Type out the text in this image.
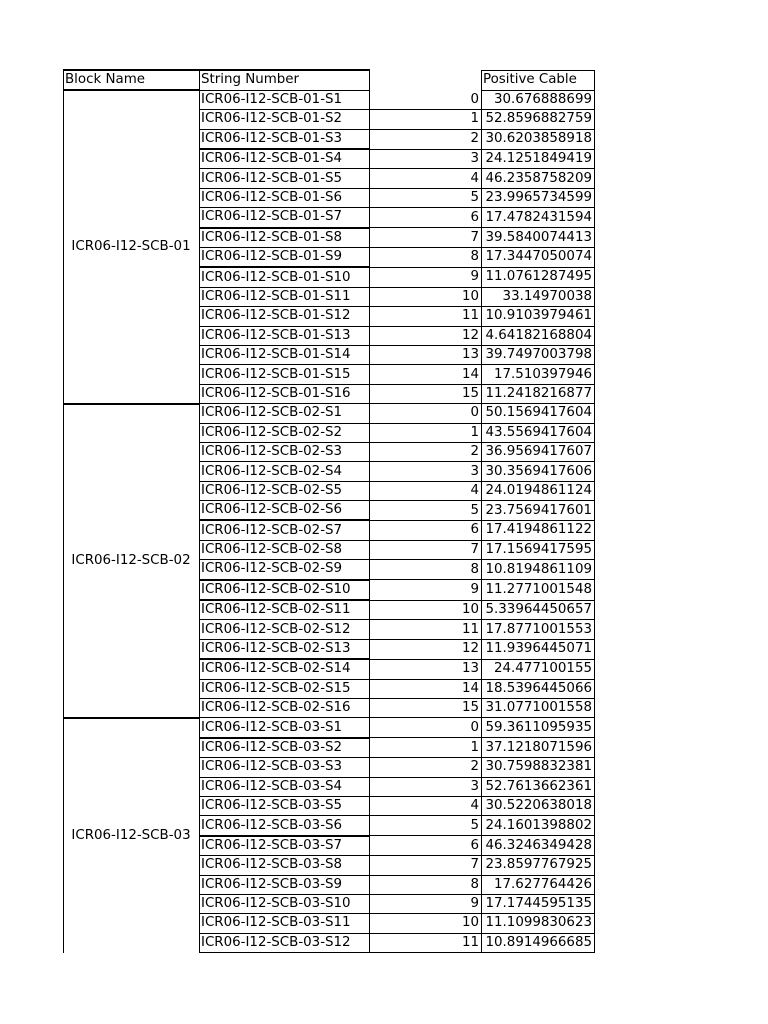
Block Name	String Number		Positive Cable
ICR06-I12-SCB-01	ICR06-I12-SCB-01-S1	0	30.676888699
	ICR06-I12-SCB-01-S2	1	52.8596882759
	ICR06-I12-SCB-01-S3	2	30.6203858918
	ICR06-I12-SCB-01-S4	3	24.1251849419
	ICR06-I12-SCB-01-S5	4	46.2358758209
	ICR06-I12-SCB-01-S6	5	23.9965734599
	ICR06-I12-SCB-01-S7	6	17.4782431594
	ICR06-I12-SCB-01-S8	7	39.5840074413
	ICR06-I12-SCB-01-S9	8	17.3447050074
	ICR06-I12-SCB-01-S10	9	11.0761287495
	ICR06-I12-SCB-01-S11	10	33.14970038
	ICR06-I12-SCB-01-S12	11	10.9103979461
	ICR06-I12-SCB-01-S13	12	4.64182168804
	ICR06-I12-SCB-01-S14	13	39.7497003798
	ICR06-I12-SCB-01-S15	14	17.510397946
	ICR06-I12-SCB-01-S16	15	11.2418216877
ICR06-I12-SCB-02	ICR06-I12-SCB-02-S1	0	50.1569417604
	ICR06-I12-SCB-02-S2	1	43.5569417604
	ICR06-I12-SCB-02-S3	2	36.9569417607
	ICR06-I12-SCB-02-S4	3	30.3569417606
	ICR06-I12-SCB-02-S5	4	24.0194861124
	ICR06-I12-SCB-02-S6	5	23.7569417601
	ICR06-I12-SCB-02-S7	6	17.4194861122
	ICR06-I12-SCB-02-S8	7	17.1569417595
	ICR06-I12-SCB-02-S9	8	10.8194861109
	ICR06-I12-SCB-02-S10	9	11.2771001548
	ICR06-I12-SCB-02-S11	10	5.33964450657
	ICR06-I12-SCB-02-S12	11	17.8771001553
	ICR06-I12-SCB-02-S13	12	11.9396445071
	ICR06-I12-SCB-02-S14	13	24.477100155
	ICR06-I12-SCB-02-S15	14	18.5396445066
	ICR06-I12-SCB-02-S16	15	31.0771001558
ICR06-I12-SCB-03	ICR06-I12-SCB-03-S1	0	59.3611095935
	ICR06-I12-SCB-03-S2	1	37.1218071596
	ICR06-I12-SCB-03-S3	2	30.7598832381
	ICR06-I12-SCB-03-S4	3	52.7613662361
	ICR06-I12-SCB-03-S5	4	30.5220638018
	ICR06-I12-SCB-03-S6	5	24.1601398802
	ICR06-I12-SCB-03-S7	6	46.3246349428
	ICR06-I12-SCB-03-S8	7	23.8597767925
	ICR06-I12-SCB-03-S9	8	17.627764426
	ICR06-I12-SCB-03-S10	9	17.1744595135
	ICR06-I12-SCB-03-S11	10	11.1099830623
	ICR06-I12-SCB-03-S12	11	10.8914966685
